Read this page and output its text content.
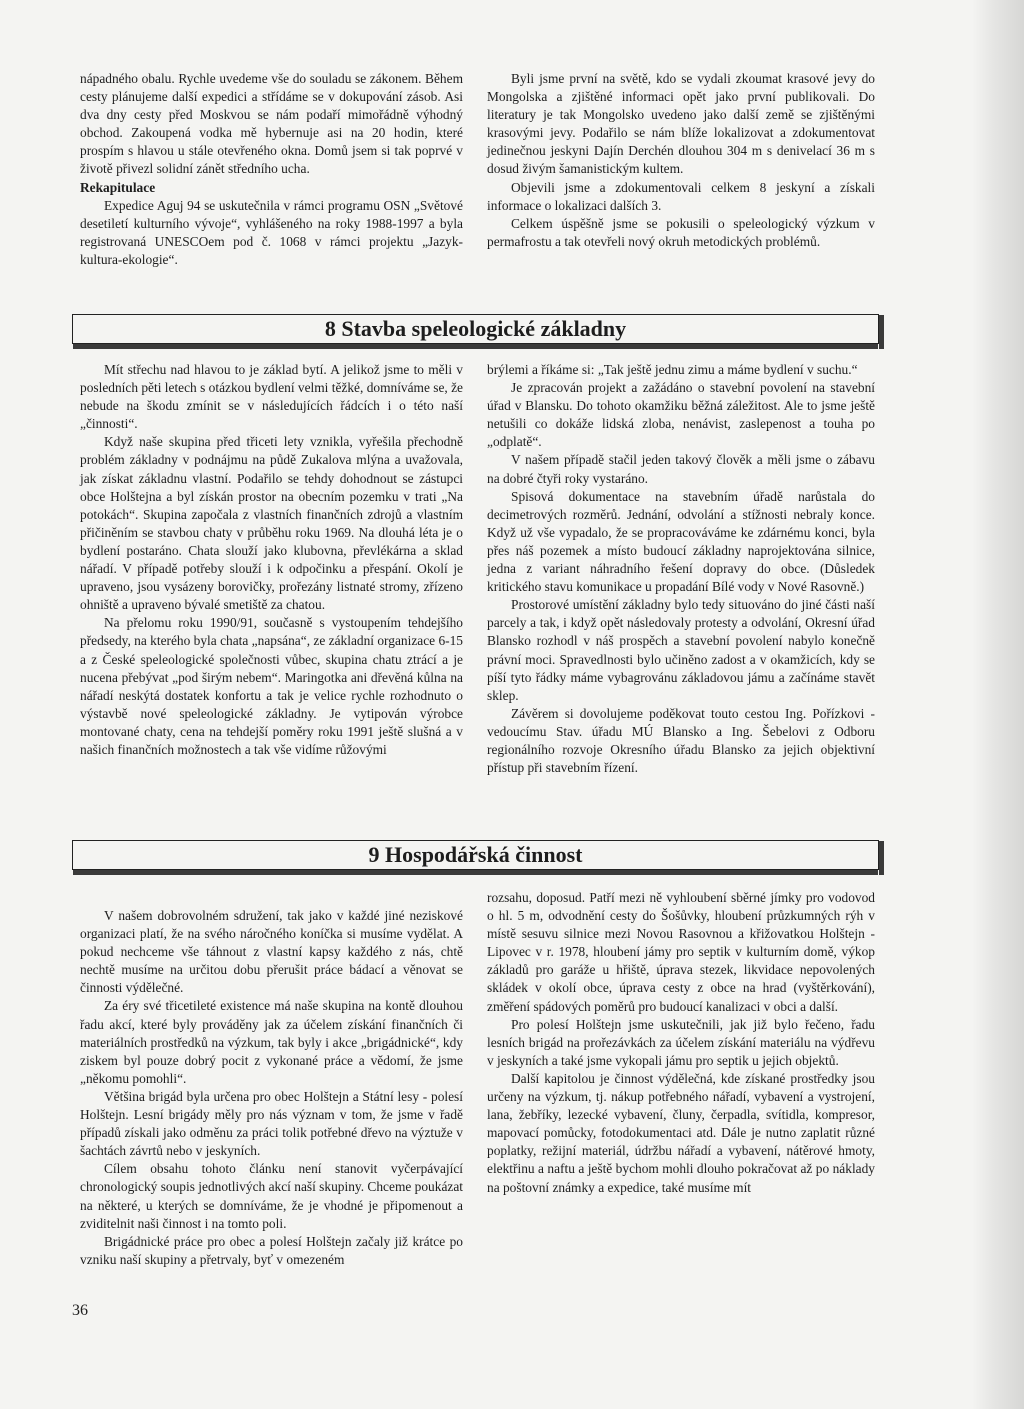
nápadného obalu. Rychle uvedeme vše do souladu se zákonem. Během cesty plánujeme další expedici a střídáme se v dokupování zásob. Asi dva dny cesty před Moskvou se nám podaří mimořádně výhodný obchod. Zakoupená vodka mě hybernuje asi na 20 hodin, které prospím s hlavou u stále otevřeného okna. Domů jsem si tak poprvé v životě přivezl solidní zánět středního ucha.

Rekapitulace

Expedice Aguj 94 se uskutečnila v rámci programu OSN „Světové desetiletí kulturního vývoje“, vyhlášeného na roky 1988-1997 a byla registrovaná UNESCOem pod č. 1068 v rámci projektu „Jazyk-kultura-ekologie“.

Byli jsme první na světě, kdo se vydali zkoumat krasové jevy do Mongolska a zjištěné informaci opět jako první publikovali. Do literatury je tak Mongolsko uvedeno jako další země se zjištěnými krasovými jevy. Podařilo se nám blíže lokalizovat a zdokumentovat jedinečnou jeskyni Dajín Derchén dlouhou 304 m s denivelací 36 m s dosud živým šamanistickým kultem.

Objevili jsme a zdokumentovali celkem 8 jeskyní a získali informace o lokalizaci dalších 3.

Celkem úspěšně jsme se pokusili o speleologický výzkum v permafrostu a tak otevřeli nový okruh metodických problémů.

8 Stavba speleologické základny

Mít střechu nad hlavou to je základ bytí. A jelikož jsme to měli v posledních pěti letech s otázkou bydlení velmi těžké, domníváme se, že nebude na škodu zmínit se v následujících řádcích i o této naší „činnosti“.

Když naše skupina před třiceti lety vznikla, vyřešila přechodně problém základny v podnájmu na půdě Zukalova mlýna a uvažovala, jak získat základnu vlastní. Podařilo se tehdy dohodnout se zástupci obce Holštejna a byl získán prostor na obecním pozemku v trati „Na potokách“. Skupina započala z vlastních finančních zdrojů a vlastním přičiněním se stavbou chaty v průběhu roku 1969. Na dlouhá léta je o bydlení postaráno. Chata slouží jako klubovna, převlékárna a sklad nářadí. V případě potřeby slouží i k odpočinku a přespání. Okolí je upraveno, jsou vysázeny borovičky, prořezány listnaté stromy, zřízeno ohniště a upraveno bývalé smetiště za chatou.

Na přelomu roku 1990/91, současně s vystoupením tehdejšího předsedy, na kterého byla chata „napsána“, ze základní organizace 6-15 a z České speleologické společnosti vůbec, skupina chatu ztrácí a je nucena přebývat „pod širým nebem“. Maringotka ani dřevěná kůlna na nářadí neskýtá dostatek konfortu a tak je velice rychle rozhodnuto o výstavbě nové speleologické základny. Je vytipován výrobce montované chaty, cena na tehdejší poměry roku 1991 ještě slušná a v našich finančních možnostech a tak vše vidíme růžovými

brýlemi a říkáme si: „Tak ještě jednu zimu a máme bydlení v suchu.“

Je zpracován projekt a zažádáno o stavební povolení na stavební úřad v Blansku. Do tohoto okamžiku běžná záležitost. Ale to jsme ještě netušili co dokáže lidská zloba, nenávist, zaslepenost a touha po „odplatě“.

V našem případě stačil jeden takový člověk a měli jsme o zábavu na dobré čtyři roky vystaráno.

Spisová dokumentace na stavebním úřadě narůstala do decimetrových rozměrů. Jednání, odvolání a stížnosti nebraly konce. Když už vše vypadalo, že se propracováváme ke zdárnému konci, byla přes náš pozemek a místo budoucí základny naprojektována silnice, jedna z variant náhradního řešení dopravy do obce. (Důsledek kritického stavu komunikace u propadání Bílé vody v Nové Rasovně.)

Prostorové umístění základny bylo tedy situováno do jiné části naší parcely a tak, i když opět následovaly protesty a odvolání, Okresní úřad Blansko rozhodl v náš prospěch a stavební povolení nabylo konečně právní moci. Spravedlnosti bylo učiněno zadost a v okamžicích, kdy se píší tyto řádky máme vybagrovánu základovou jámu a začínáme stavět sklep.

Závěrem si dovolujeme poděkovat touto cestou Ing. Pořízkovi - vedoucímu Stav. úřadu MÚ Blansko a Ing. Šebelovi z Odboru regionálního rozvoje Okresního úřadu Blansko za jejich objektivní přístup při stavebním řízení.

9 Hospodářská činnost

V našem dobrovolném sdružení, tak jako v každé jiné neziskové organizaci platí, že na svého náročného koníčka si musíme vydělat. A pokud nechceme vše táhnout z vlastní kapsy každého z nás, chtě nechtě musíme na určitou dobu přerušit práce bádací a věnovat se činnosti výdělečné.

Za éry své třicetileté existence má naše skupina na kontě dlouhou řadu akcí, které byly prováděny jak za účelem získání finančních či materiálních prostředků na výzkum, tak byly i akce „brigádnické“, kdy ziskem byl pouze dobrý pocit z vykonané práce a vědomí, že jsme „někomu pomohli“.

Většina brigád byla určena pro obec Holštejn a Státní lesy - polesí Holštejn. Lesní brigády měly pro nás význam v tom, že jsme v řadě případů získali jako odměnu za práci tolik potřebné dřevo na výztuže v šachtách závrtů nebo v jeskyních.

Cílem obsahu tohoto článku není stanovit vyčerpávající chronologický soupis jednotlivých akcí naší skupiny. Chceme poukázat na některé, u kterých se domníváme, že je vhodné je připomenout a zviditelnit naši činnost i na tomto poli.

Brigádnické práce pro obec a polesí Holštejn začaly již krátce po vzniku naší skupiny a přetrvaly, byť v omezeném

rozsahu, doposud. Patří mezi ně vyhloubení sběrné jímky pro vodovod o hl. 5 m, odvodnění cesty do Šošůvky, hloubení průzkumných rýh v místě sesuvu silnice mezi Novou Rasovnou a křižovatkou Holštejn - Lipovec v r. 1978, hloubení jámy pro septik v kulturním domě, výkop základů pro garáže u hřiště, úprava stezek, likvidace nepovolených skládek v okolí obce, úprava cesty z obce na hrad (vyštěrkování), změření spádových poměrů pro budoucí kanalizaci v obci a další.

Pro polesí Holštejn jsme uskutečnili, jak již bylo řečeno, řadu lesních brigád na prořezávkách za účelem získání materiálu na výdřevu v jeskyních a také jsme vykopali jámu pro septik u jejich objektů.

Další kapitolou je činnost výdělečná, kde získané prostředky jsou určeny na výzkum, tj. nákup potřebného nářadí, vybavení a vystrojení, lana, žebříky, lezecké vybavení, čluny, čerpadla, svítidla, kompresor, mapovací pomůcky, fotodokumentaci atd. Dále je nutno zaplatit různé poplatky, režijní materiál, údržbu nářadí a vybavení, nátěrové hmoty, elektřinu a naftu a ještě bychom mohli dlouho pokračovat až po náklady na poštovní známky a expedice, také musíme mít

36
